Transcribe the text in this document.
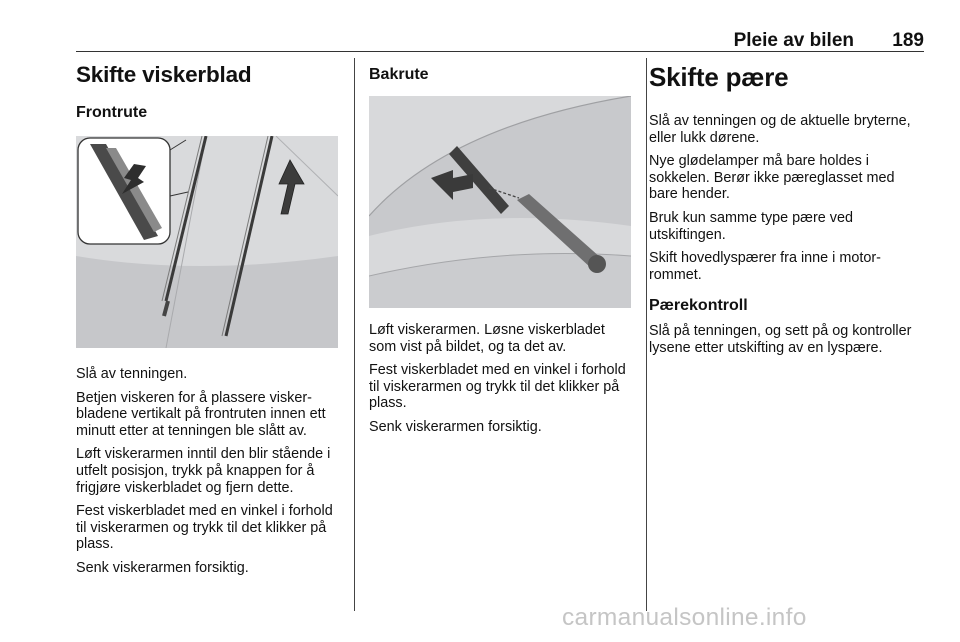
Pleie av bilen	189
Skifte viskerblad
Frontrute

Slå av tenningen.

Betjen viskeren for å plassere viskerbladene vertikalt på frontruten innen ett minutt etter at tenningen ble slått av.

Løft viskerarmen inntil den blir stående i utfelt posisjon, trykk på knappen for å frigjøre viskerbladet og fjern dette.

Fest viskerbladet med en vinkel i forhold til viskerarmen og trykk til det klikker på plass.

Senk viskerarmen forsiktig.

Bakrute

Løft viskerarmen. Løsne viskerbladet som vist på bildet, og ta det av.

Fest viskerbladet med en vinkel i forhold til viskerarmen og trykk til det klikker på plass.

Senk viskerarmen forsiktig.

Skifte pære

Slå av tenningen og de aktuelle bryterne, eller lukk dørene.

Nye glødelamper må bare holdes i sokkelen. Berør ikke pæreglasset med bare hender.

Bruk kun samme type pære ved utskiftingen.

Skift hovedlyspærer fra inne i motorrommet.

Pærekontroll

Slå på tenningen, og sett på og kontroller lysene etter utskifting av en lyspære.

carmanualsonline.info
